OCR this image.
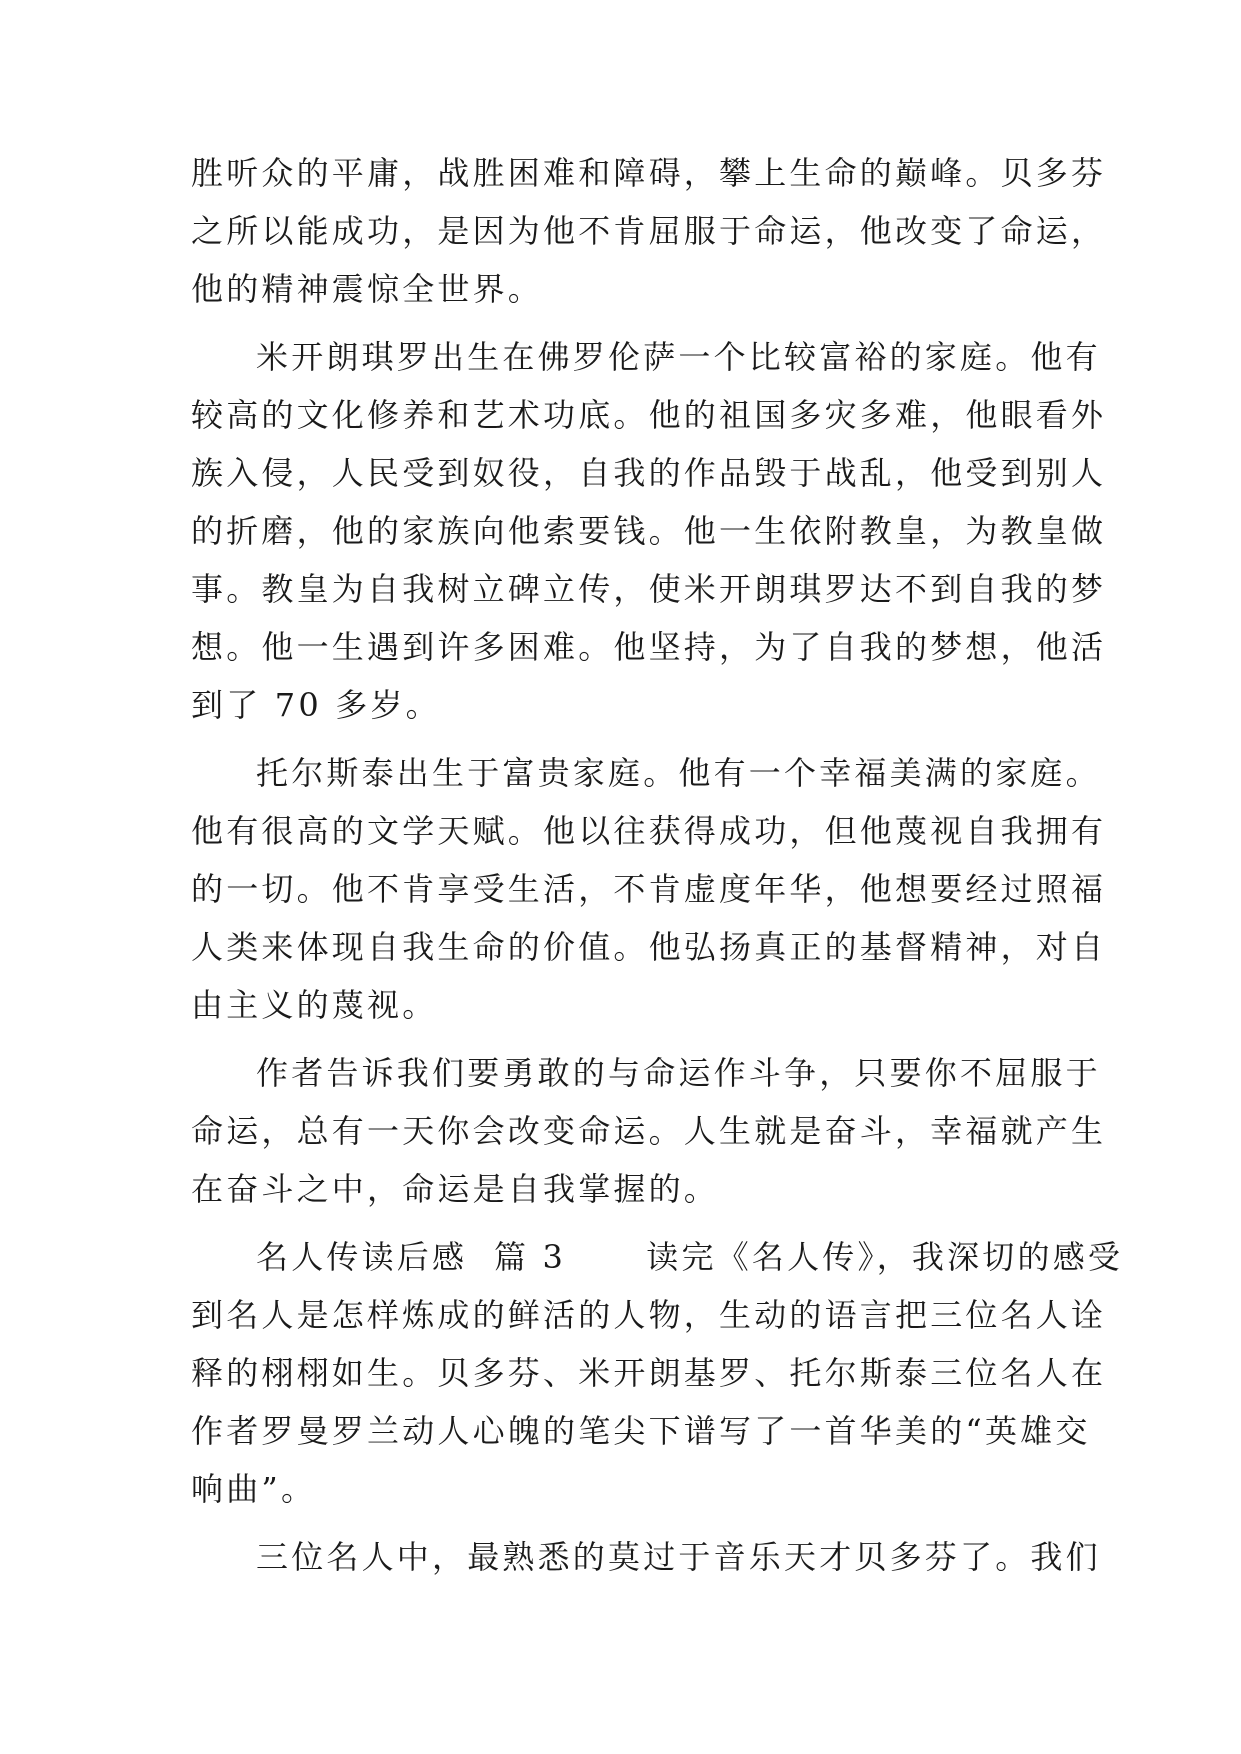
胜听众的平庸，战胜困难和障碍，攀上生命的巅峰。贝多芬
之所以能成功，是因为他不肯屈服于命运，他改变了命运，
他的精神震惊全世界。
米开朗琪罗出生在佛罗伦萨一个比较富裕的家庭。他有
较高的文化修养和艺术功底。他的祖国多灾多难，他眼看外
族入侵，人民受到奴役，自我的作品毁于战乱，他受到别人
的折磨，他的家族向他索要钱。他一生依附教皇，为教皇做
事。教皇为自我树立碑立传，使米开朗琪罗达不到自我的梦
想。他一生遇到许多困难。他坚持，为了自我的梦想，他活
到了 70 多岁。
托尔斯泰出生于富贵家庭。他有一个幸福美满的家庭。
他有很高的文学天赋。他以往获得成功，但他蔑视自我拥有
的一切。他不肯享受生活，不肯虚度年华，他想要经过照福
人类来体现自我生命的价值。他弘扬真正的基督精神，对自
由主义的蔑视。
作者告诉我们要勇敢的与命运作斗争，只要你不屈服于
命运，总有一天你会改变命运。人生就是奋斗，幸福就产生
在奋斗之中，命运是自我掌握的。
名人传读后感  篇 3      读完《名人传》，我深切的感受
到名人是怎样炼成的鲜活的人物，生动的语言把三位名人诠
释的栩栩如生。贝多芬、米开朗基罗、托尔斯泰三位名人在
作者罗曼罗兰动人心魄的笔尖下谱写了一首华美的“英雄交
响曲”。
三位名人中，最熟悉的莫过于音乐天才贝多芬了。我们
